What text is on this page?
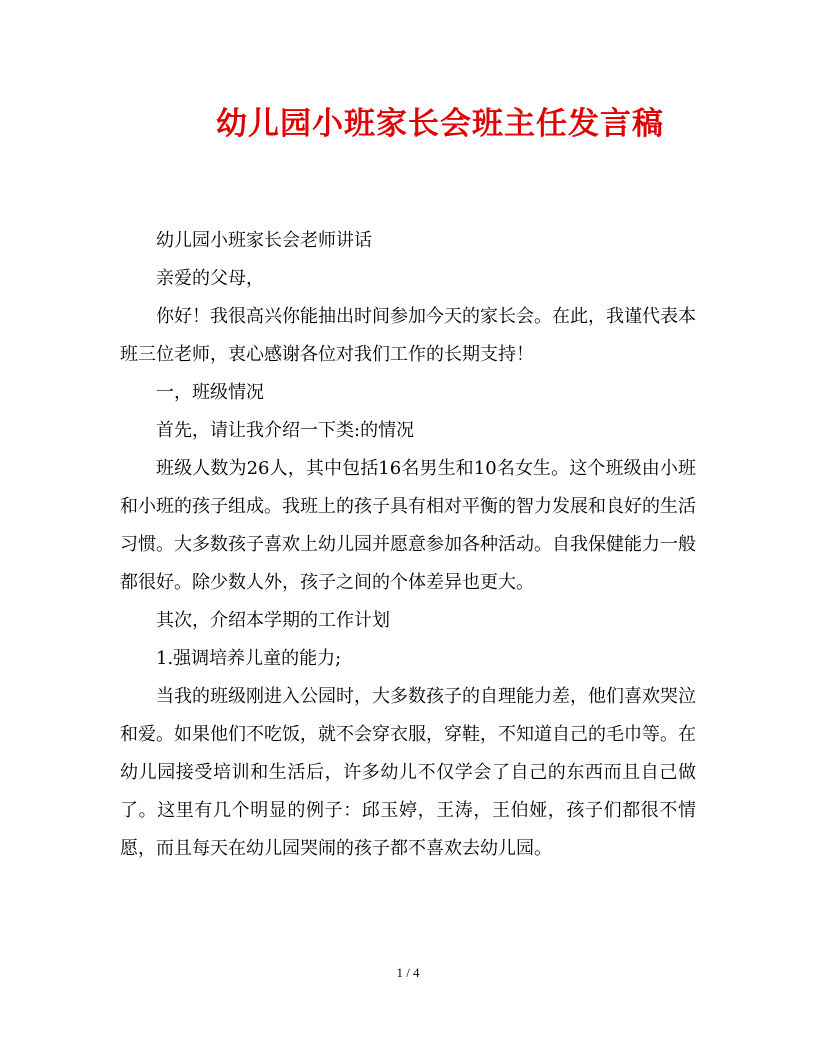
幼儿园小班家长会班主任发言稿

幼儿园小班家长会老师讲话

亲爱的父母，

你好！我很高兴你能抽出时间参加今天的家长会。在此，我谨代表本班三位老师，衷心感谢各位对我们工作的长期支持！

一，班级情况

首先，请让我介绍一下类:的情况

班级人数为26人，其中包括16名男生和10名女生。这个班级由小班和小班的孩子组成。我班上的孩子具有相对平衡的智力发展和良好的生活习惯。大多数孩子喜欢上幼儿园并愿意参加各种活动。自我保健能力一般都很好。除少数人外，孩子之间的个体差异也更大。

其次，介绍本学期的工作计划

1.强调培养儿童的能力;

当我的班级刚进入公园时，大多数孩子的自理能力差，他们喜欢哭泣和爱。如果他们不吃饭，就不会穿衣服，穿鞋，不知道自己的毛巾等。在幼儿园接受培训和生活后，许多幼儿不仅学会了自己的东西而且自己做了。这里有几个明显的例子：邱玉婷，王涛，王伯娅，孩子们都很不情愿，而且每天在幼儿园哭闹的孩子都不喜欢去幼儿园。

1 / 4
